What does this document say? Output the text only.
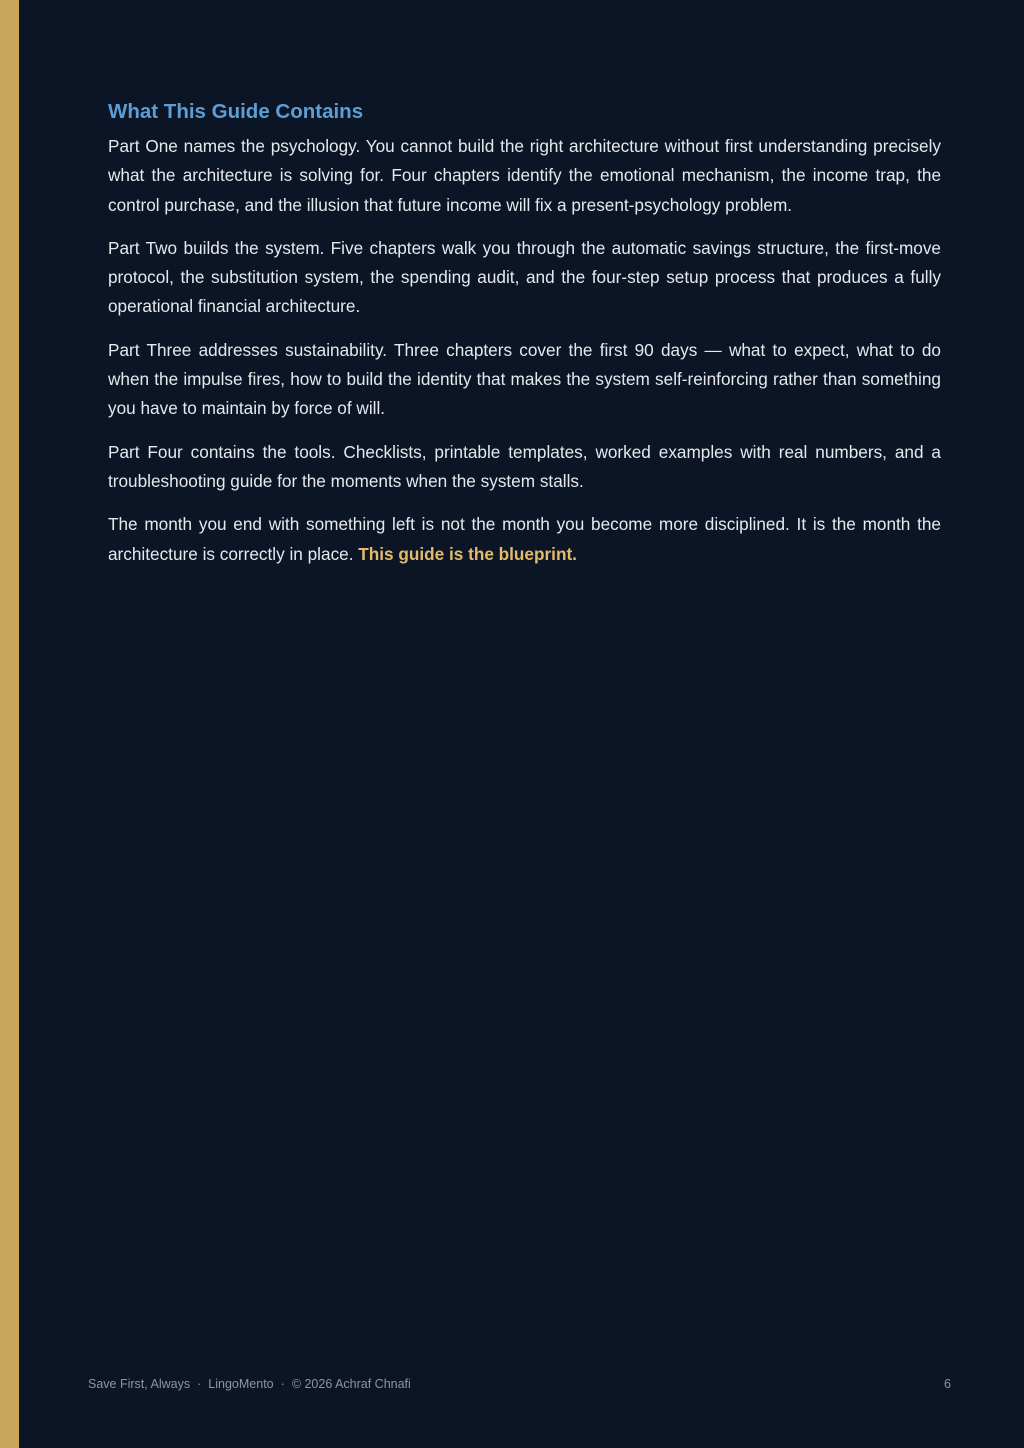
What This Guide Contains

Part One names the psychology. You cannot build the right architecture without first understanding precisely what the architecture is solving for. Four chapters identify the emotional mechanism, the income trap, the control purchase, and the illusion that future income will fix a present-psychology problem.

Part Two builds the system. Five chapters walk you through the automatic savings structure, the first-move protocol, the substitution system, the spending audit, and the four-step setup process that produces a fully operational financial architecture.

Part Three addresses sustainability. Three chapters cover the first 90 days — what to expect, what to do when the impulse fires, how to build the identity that makes the system self-reinforcing rather than something you have to maintain by force of will.

Part Four contains the tools. Checklists, printable templates, worked examples with real numbers, and a troubleshooting guide for the moments when the system stalls.

The month you end with something left is not the month you become more disciplined. It is the month the architecture is correctly in place. This guide is the blueprint.

Save First, Always · LingoMento · © 2026 Achraf Chnafi	6
